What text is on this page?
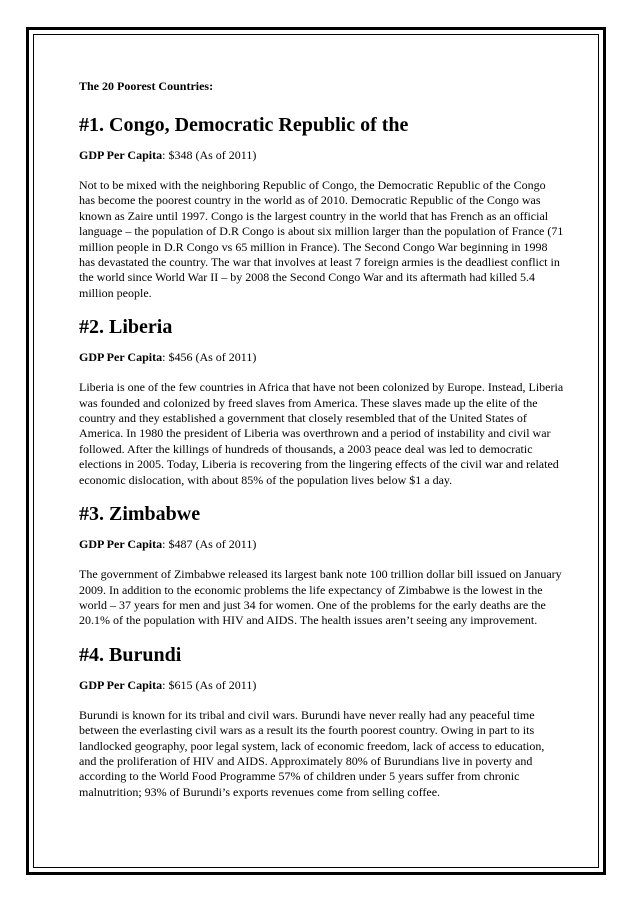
The 20 Poorest Countries:

#1. Congo, Democratic Republic of the

GDP Per Capita: $348 (As of 2011)

Not to be mixed with the neighboring Republic of Congo, the Democratic Republic of the Congo has become the poorest country in the world as of 2010. Democratic Republic of the Congo was known as Zaire until 1997. Congo is the largest country in the world that has French as an official language – the population of D.R Congo is about six million larger than the population of France (71 million people in D.R Congo vs 65 million in France). The Second Congo War beginning in 1998 has devastated the country. The war that involves at least 7 foreign armies is the deadliest conflict in the world since World War II – by 2008 the Second Congo War and its aftermath had killed 5.4 million people.

#2. Liberia

GDP Per Capita: $456 (As of 2011)

Liberia is one of the few countries in Africa that have not been colonized by Europe. Instead, Liberia was founded and colonized by freed slaves from America. These slaves made up the elite of the country and they established a government that closely resembled that of the United States of America. In 1980 the president of Liberia was overthrown and a period of instability and civil war followed. After the killings of hundreds of thousands, a 2003 peace deal was led to democratic elections in 2005. Today, Liberia is recovering from the lingering effects of the civil war and related economic dislocation, with about 85% of the population lives below $1 a day.

#3. Zimbabwe

GDP Per Capita: $487 (As of 2011)

The government of Zimbabwe released its largest bank note 100 trillion dollar bill issued on January 2009. In addition to the economic problems the life expectancy of Zimbabwe is the lowest in the world – 37 years for men and just 34 for women. One of the problems for the early deaths are the 20.1% of the population with HIV and AIDS. The health issues aren’t seeing any improvement.

#4. Burundi

GDP Per Capita: $615 (As of 2011)

Burundi is known for its tribal and civil wars. Burundi have never really had any peaceful time between the everlasting civil wars as a result its the fourth poorest country. Owing in part to its landlocked geography, poor legal system, lack of economic freedom, lack of access to education, and the proliferation of HIV and AIDS. Approximately 80% of Burundians live in poverty and according to the World Food Programme 57% of children under 5 years suffer from chronic malnutrition; 93% of Burundi’s exports revenues come from selling coffee.
